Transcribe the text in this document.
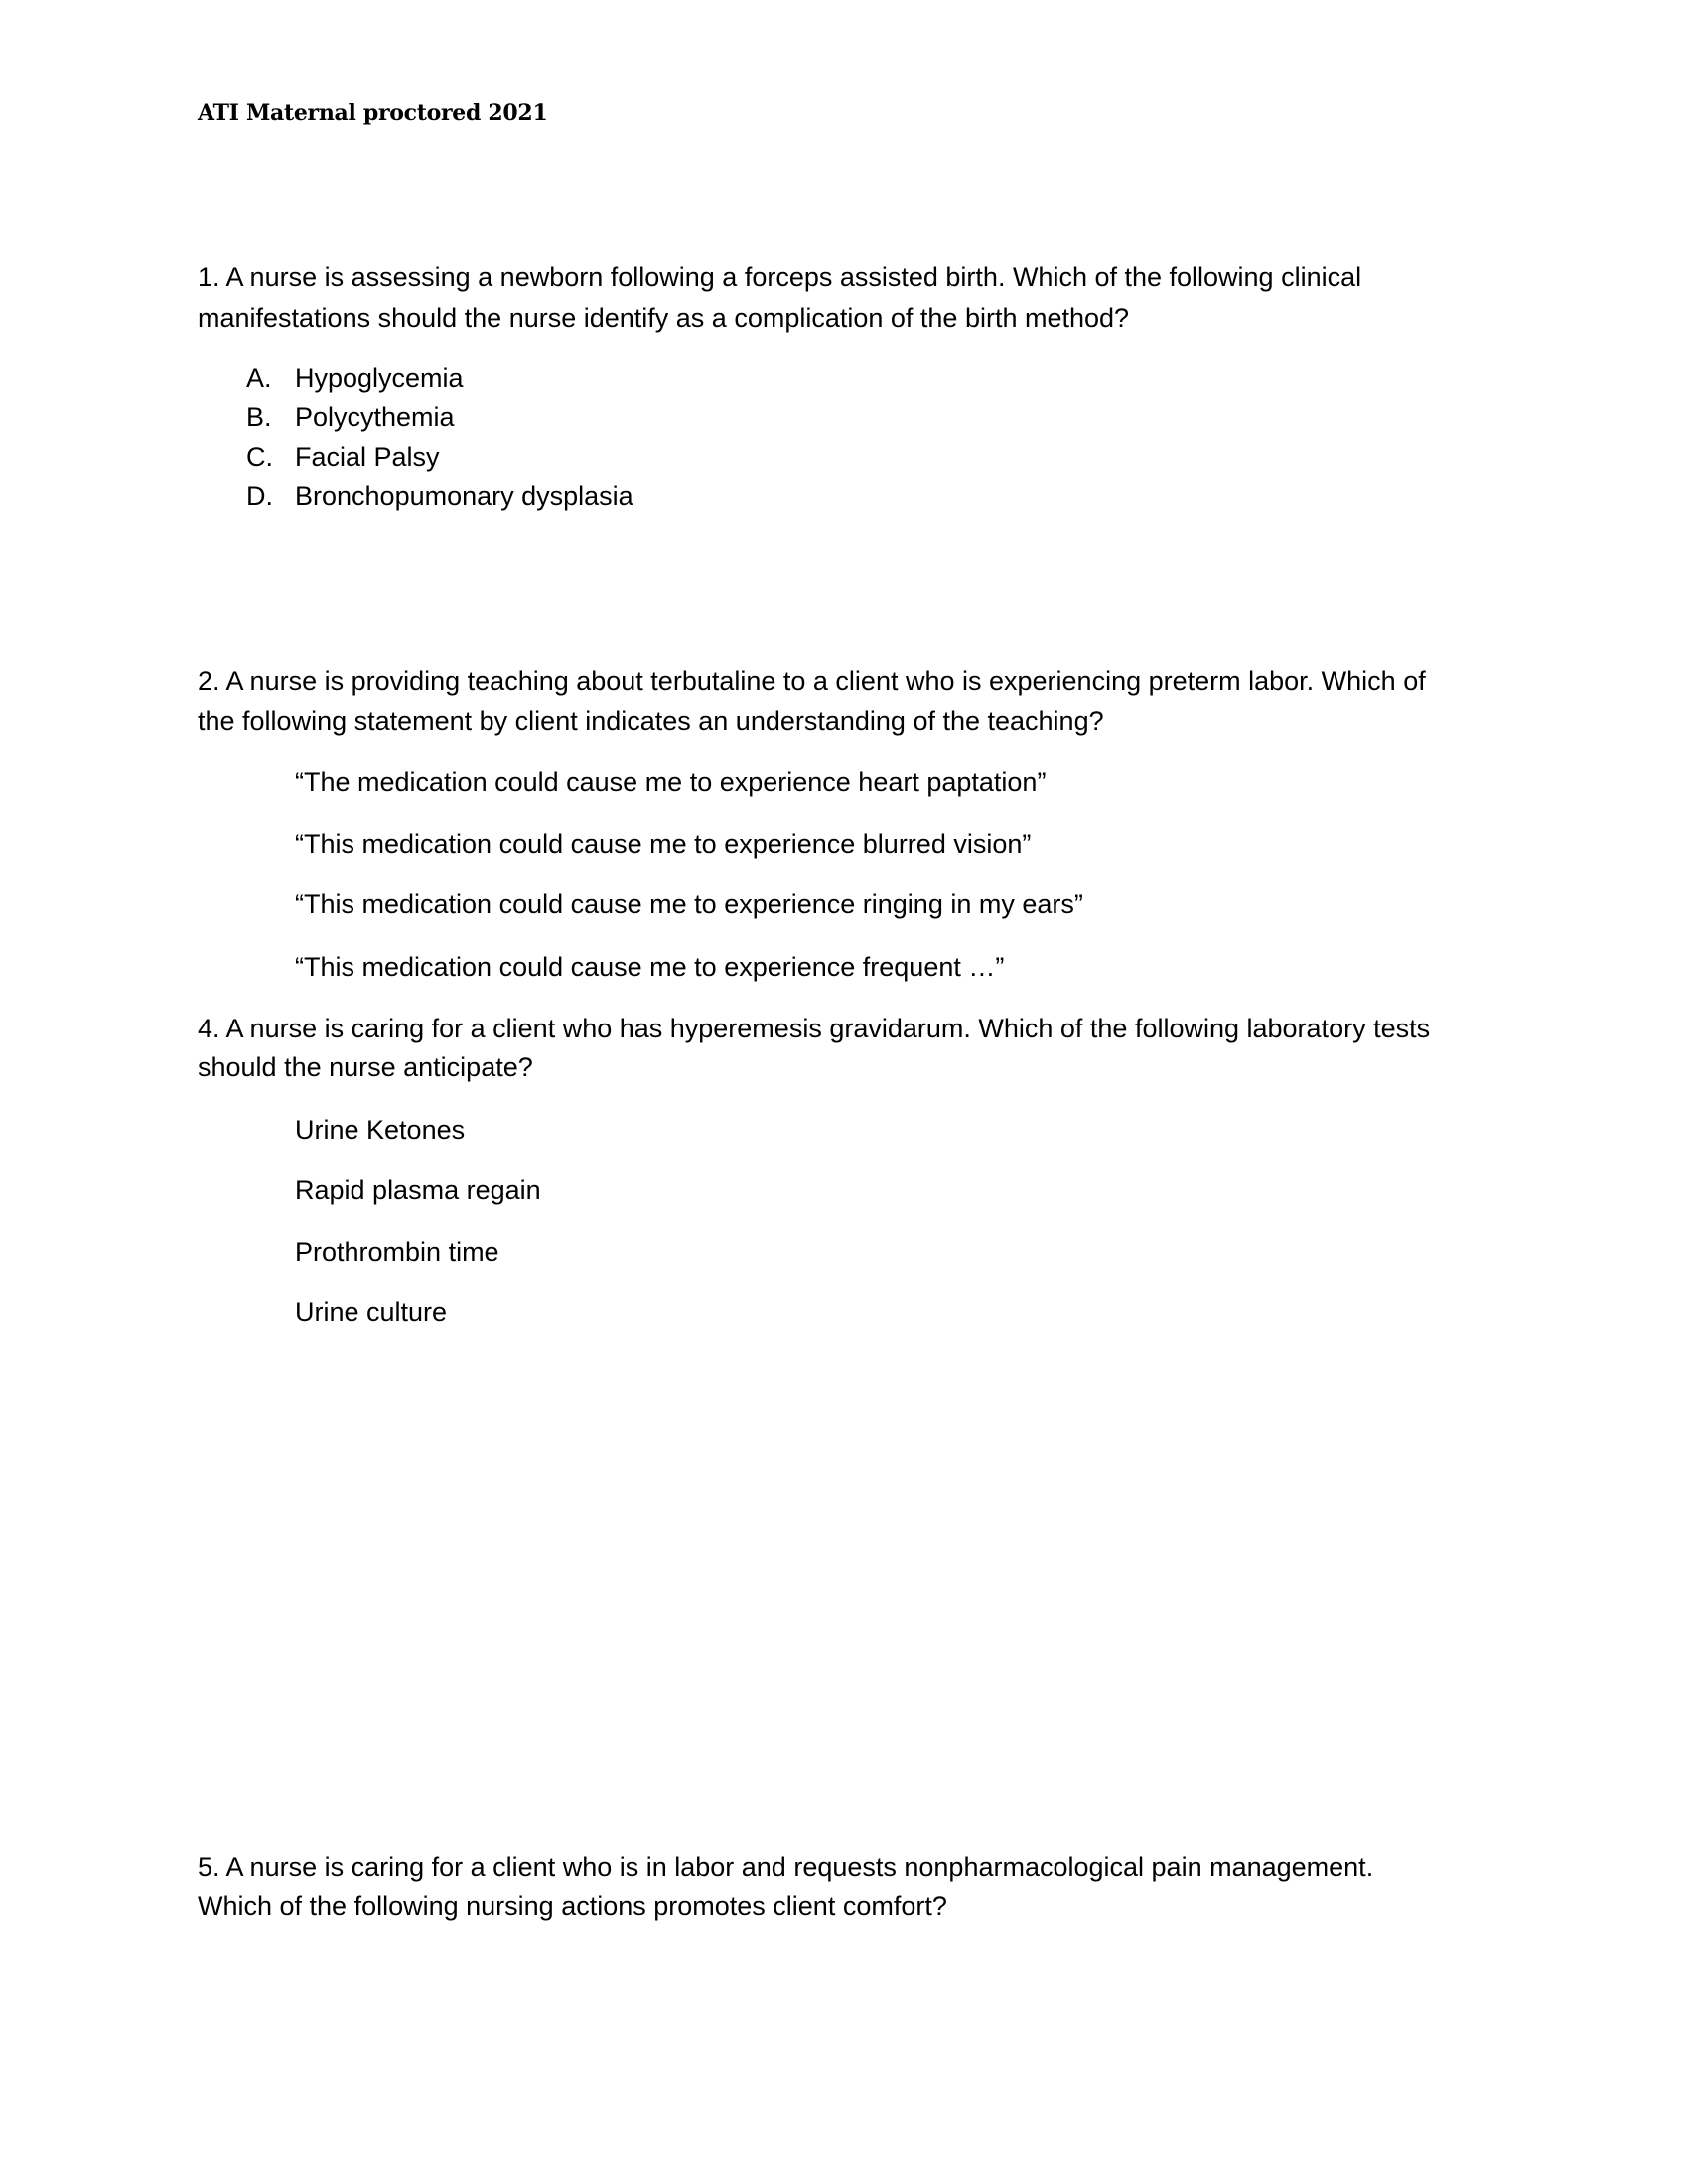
ATI Maternal proctored 2021
1. A nurse is assessing a newborn following a forceps assisted birth. Which of the following clinical
manifestations should the nurse identify as a complication of the birth method?
A. Hypoglycemia
B. Polycythemia
C. Facial Palsy
D. Bronchopumonary dysplasia
2. A nurse is providing teaching about terbutaline to a client who is experiencing preterm labor. Which of
the following statement by client indicates an understanding of the teaching?
“The medication could cause me to experience heart paptation”
“This medication could cause me to experience blurred vision”
“This medication could cause me to experience ringing in my ears”
“This medication could cause me to experience frequent …”
4. A nurse is caring for a client who has hyperemesis gravidarum. Which of the following laboratory tests
should the nurse anticipate?
Urine Ketones
Rapid plasma regain
Prothrombin time
Urine culture
5. A nurse is caring for a client who is in labor and requests nonpharmacological pain management.
Which of the following nursing actions promotes client comfort?
